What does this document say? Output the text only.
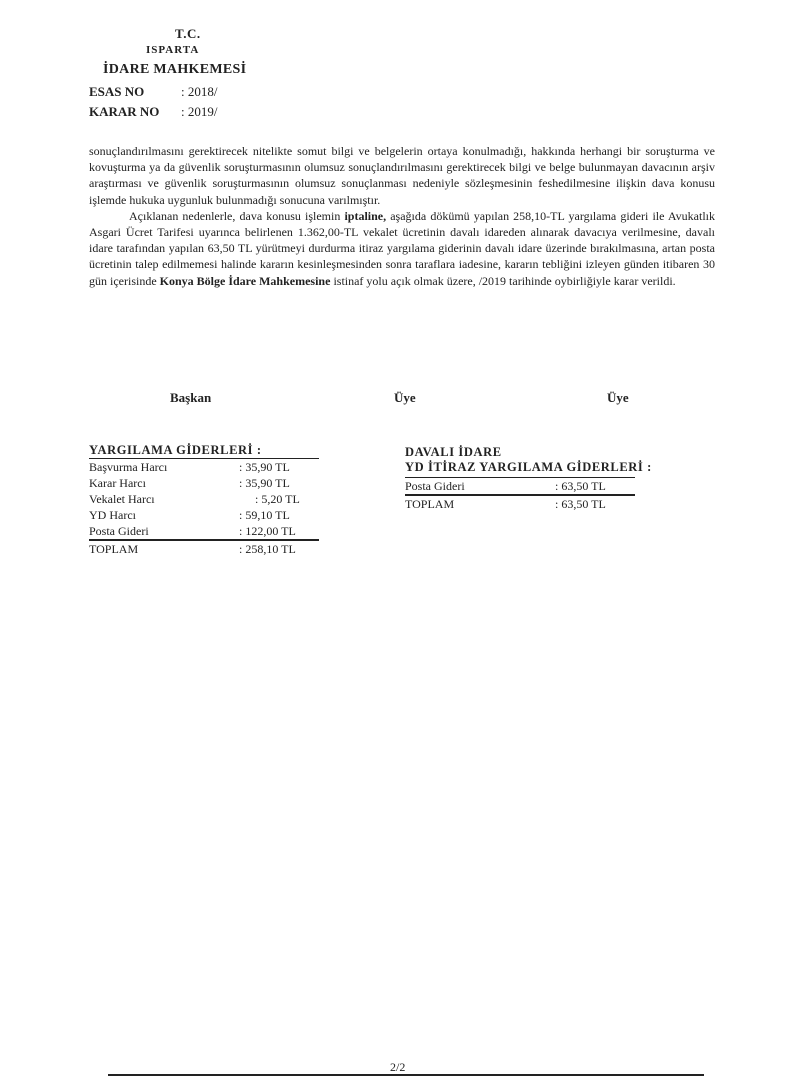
T.C.
ISPARTA
İDARE MAHKEMESİ
ESAS NO	: 2018/
KARAR NO : 2019/

sonuçlandırılmasını gerektirecek nitelikte somut bilgi ve belgelerin ortaya konulmadığı, hakkında herhangi bir soruşturma ve kovuşturma ya da güvenlik soruşturmasının olumsuz sonuçlandırılmasını gerektirecek bilgi ve belge bulunmayan davacının arşiv araştırması ve güvenlik soruşturmasının olumsuz sonuçlanması nedeniyle sözleşmesinin feshedilmesine ilişkin dava konusu işlemde hukuka uygunluk bulunmadığı sonucuna varılmıştır.

Açıklanan nedenlerle, dava konusu işlemin iptaline, aşağıda dökümü yapılan 258,10-TL yargılama gideri ile Avukatlık Asgari Ücret Tarifesi uyarınca belirlenen 1.362,00-TL vekalet ücretinin davalı idareden alınarak davacıya verilmesine, davalı idare tarafından yapılan 63,50 TL yürütmeyi durdurma itiraz yargılama giderinin davalı idare üzerinde bırakılmasına, artan posta ücretinin talep edilmemesi halinde kararın kesinleşmesinden sonra taraflara iadesine, kararın tebliğini izleyen günden itibaren 30 gün içerisinde Konya Bölge İdare Mahkemesine istinaf yolu açık olmak üzere, /2019 tarihinde oybirliğiyle karar verildi.

Başkan	Üye	Üye
YARGILAMA GİDERLERİ :
Başvurma Harcı	: 35,90 TL
Karar Harcı	: 35,90 TL
Vekalet Harcı	: 5,20 TL
YD Harcı	: 59,10 TL
Posta Gideri	: 122,00 TL
TOPLAM	: 258,10 TL
DAVALI İDARE
YD İTİRAZ YARGILAMA GİDERLERİ :
Posta Gideri	: 63,50 TL
TOPLAM	: 63,50 TL
2/2
